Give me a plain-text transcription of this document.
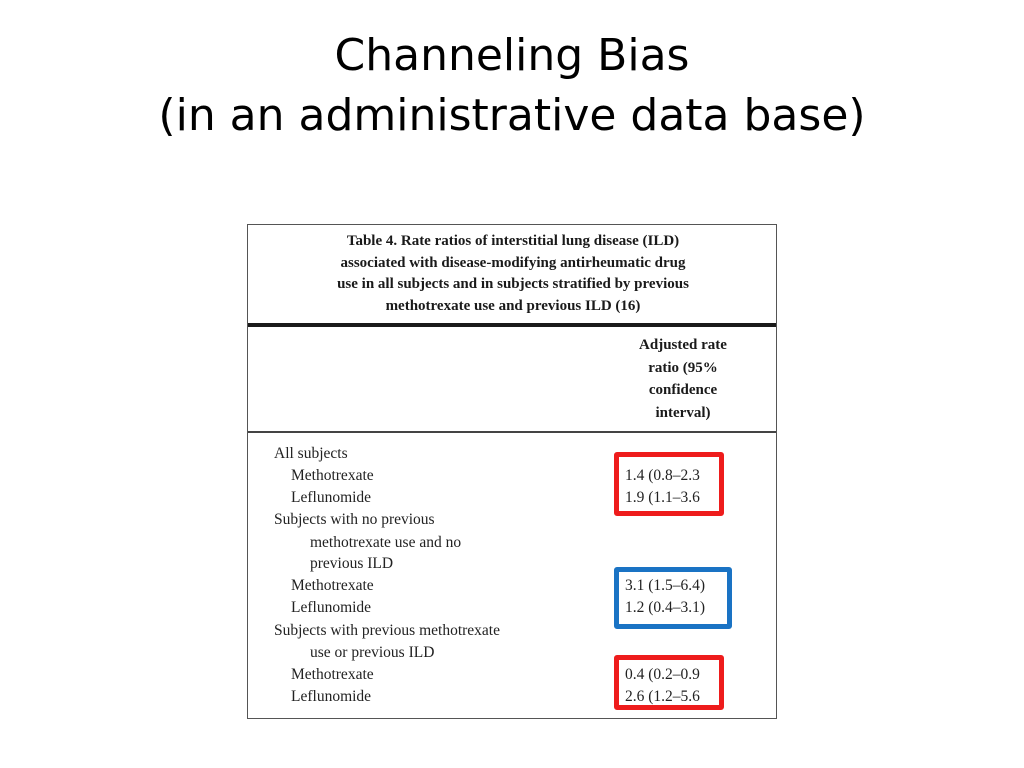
Channeling Bias
(in an administrative data base)
Table 4. Rate ratios of interstitial lung disease (ILD)
associated with disease-modifying antirheumatic drug
use in all subjects and in subjects stratified by previous
methotrexate use and previous ILD (16)
Adjusted rate
ratio (95%
confidence
interval)
All subjects
Methotrexate	1.4 (0.8–2.3
Leflunomide	1.9 (1.1–3.6
Subjects with no previous
methotrexate use and no
previous ILD
Methotrexate	3.1 (1.5–6.4)
Leflunomide	1.2 (0.4–3.1)
Subjects with previous methotrexate
use or previous ILD
Methotrexate	0.4 (0.2–0.9
Leflunomide	2.6 (1.2–5.6
